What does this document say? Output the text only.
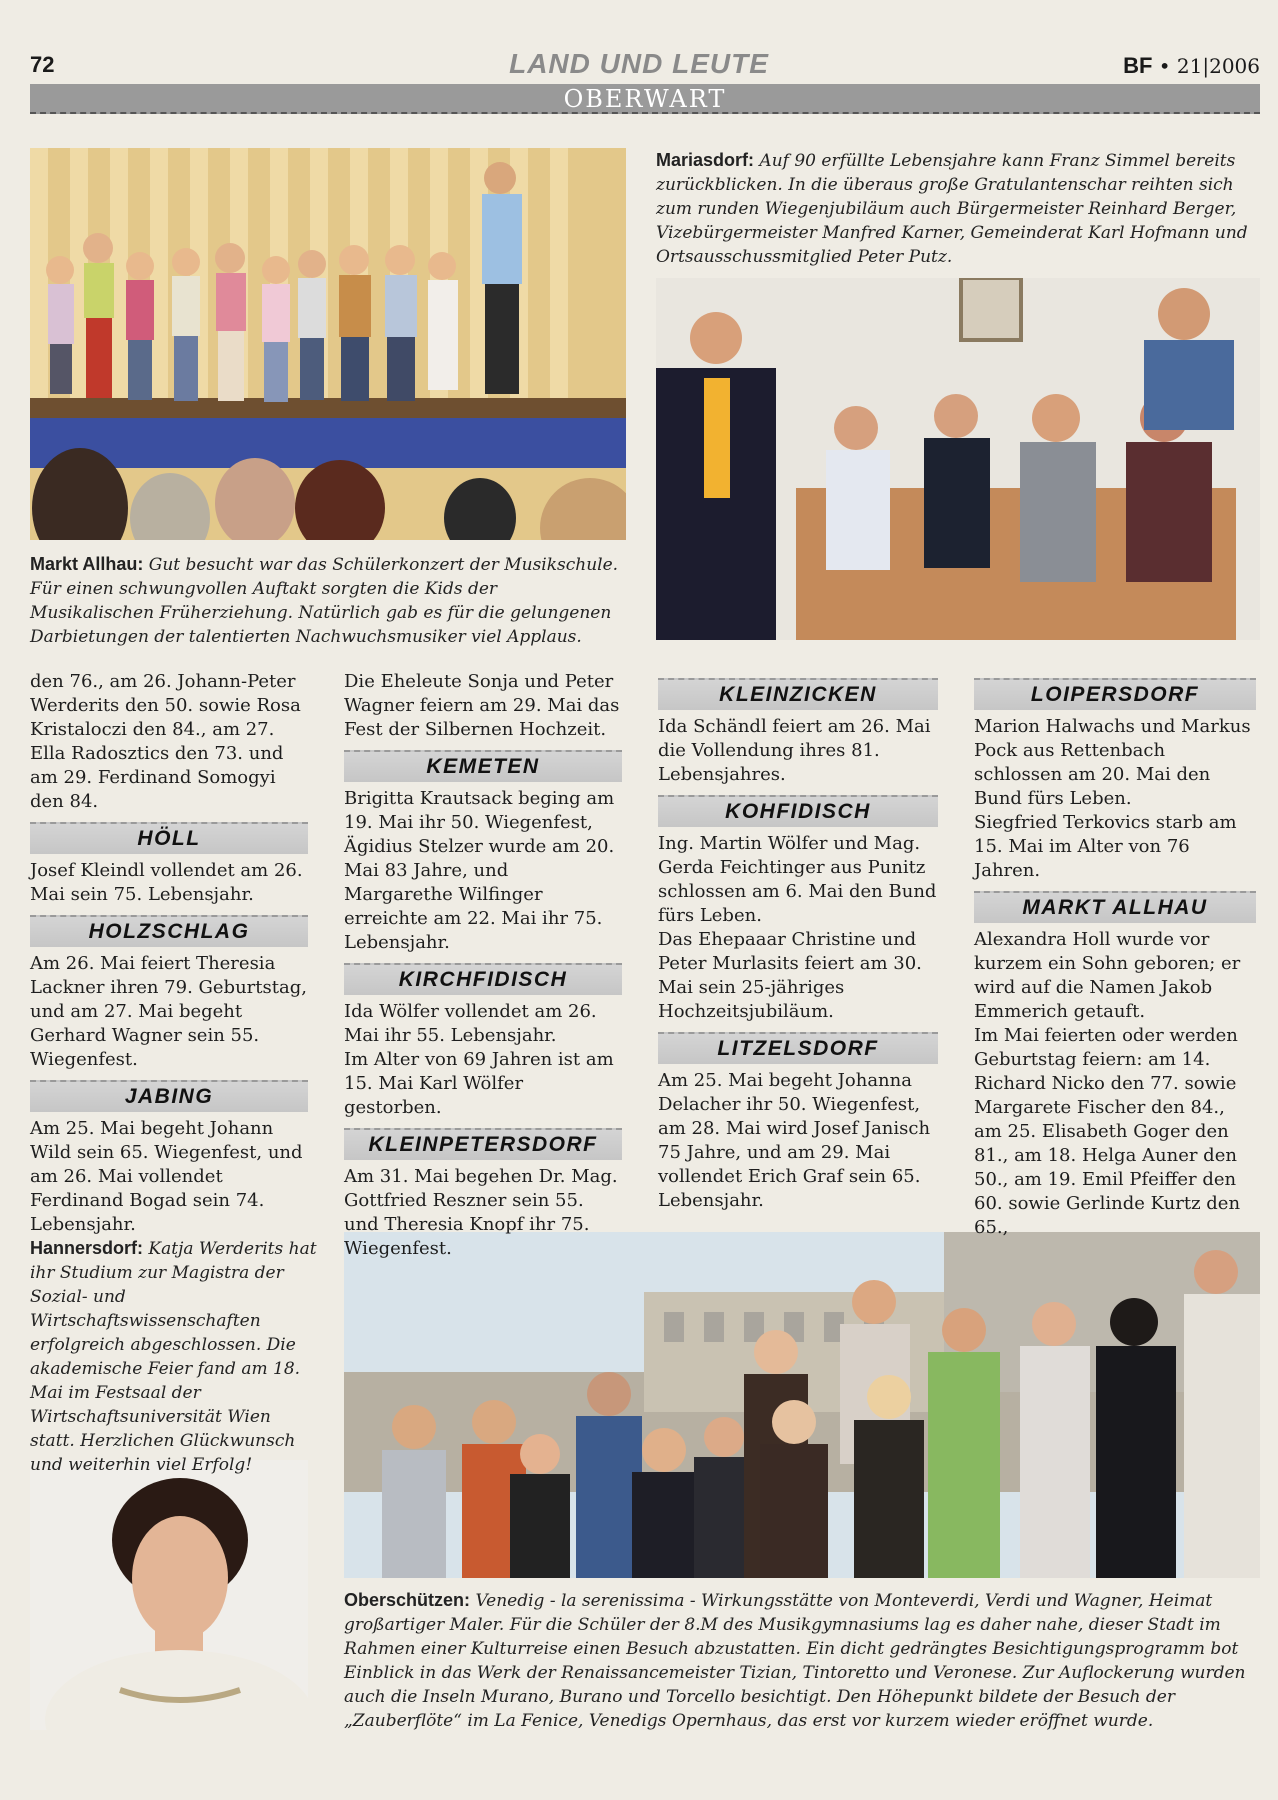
72	LAND UND LEUTE	BF • 21|2006
OBERWART
Markt Allhau: Gut besucht war das Schülerkonzert der Musikschule. Für einen schwungvollen Auftakt sorgten die Kids der Musikalischen Früherziehung. Natürlich gab es für die gelungenen Darbietungen der talentierten Nachwuchsmusiker viel Applaus.
Mariasdorf: Auf 90 erfüllte Lebensjahre kann Franz Simmel bereits zurückblicken. In die überaus große Gratulantenschar reihten sich zum runden Wiegenjubiläum auch Bürgermeister Reinhard Berger, Vizebürgermeister Manfred Karner, Gemeinderat Karl Hofmann und Ortsausschussmitglied Peter Putz.
Hannersdorf: Katja Werderits hat ihr Studium zur Magistra der Sozial- und Wirtschaftswissenschaften erfolgreich abgeschlossen. Die akademische Feier fand am 18. Mai im Festsaal der Wirtschaftsuniversität Wien statt. Herzlichen Glückwunsch und weiterhin viel Erfolg!
Oberschützen: Venedig - la serenissima - Wirkungsstätte von Monteverdi, Verdi und Wagner, Heimat großartiger Maler. Für die Schüler der 8.M des Musikgymnasiums lag es daher nahe, dieser Stadt im Rahmen einer Kulturreise einen Besuch abzustatten. Ein dicht gedrängtes Besichtigungsprogramm bot Einblick in das Werk der Renaissancemeister Tizian, Tintoretto und Veronese. Zur Auflockerung wurden auch die Inseln Murano, Burano und Torcello besichtigt. Den Höhepunkt bildete der Besuch der „Zauberflöte“ im La Fenice, Venedigs Opernhaus, das erst vor kurzem wieder eröffnet wurde.

den 76., am 26. Johann-Peter Werderits den 50. sowie Rosa Kristaloczi den 84., am 27. Ella Radosztics den 73. und am 29. Ferdinand Somogyi den 84.

HÖLL

Josef Kleindl vollendet am 26. Mai sein 75. Lebensjahr.

HOLZSCHLAG

Am 26. Mai feiert Theresia Lackner ihren 79. Geburtstag, und am 27. Mai begeht Gerhard Wagner sein 55. Wiegenfest.

JABING

Am 25. Mai begeht Johann Wild sein 65. Wiegenfest, und am 26. Mai vollendet Ferdinand Bogad sein 74. Lebensjahr.

Die Eheleute Sonja und Peter Wagner feiern am 29. Mai das Fest der Silbernen Hochzeit.

KEMETEN

Brigitta Krautsack beging am 19. Mai ihr 50. Wiegenfest, Ägidius Stelzer wurde am 20. Mai 83 Jahre, und Margarethe Wilfinger erreichte am 22. Mai ihr 75. Lebensjahr.

KIRCHFIDISCH

Ida Wölfer vollendet am 26. Mai ihr 55. Lebensjahr.

Im Alter von 69 Jahren ist am 15. Mai Karl Wölfer gestorben.

KLEINPETERSDORF

Am 31. Mai begehen Dr. Mag. Gottfried Reszner sein 55. und Theresia Knopf ihr 75. Wiegenfest.

KLEINZICKEN

Ida Schändl feiert am 26. Mai die Vollendung ihres 81. Lebensjahres.

KOHFIDISCH

Ing. Martin Wölfer und Mag. Gerda Feichtinger aus Punitz schlossen am 6. Mai den Bund fürs Leben.

Das Ehepaaar Christine und Peter Murlasits feiert am 30. Mai sein 25-jähriges Hochzeitsjubiläum.

LITZELSDORF

Am 25. Mai begeht Johanna Delacher ihr 50. Wiegenfest, am 28. Mai wird Josef Janisch 75 Jahre, und am 29. Mai vollendet Erich Graf sein 65. Lebensjahr.

LOIPERSDORF

Marion Halwachs und Markus Pock aus Rettenbach schlossen am 20. Mai den Bund fürs Leben.

Siegfried Terkovics starb am 15. Mai im Alter von 76 Jahren.

MARKT ALLHAU

Alexandra Holl wurde vor kurzem ein Sohn geboren; er wird auf die Namen Jakob Emmerich getauft.

Im Mai feierten oder werden Geburtstag feiern: am 14. Richard Nicko den 77. sowie Margarete Fischer den 84., am 25. Elisabeth Goger den 81., am 18. Helga Auner den 50., am 19. Emil Pfeiffer den 60. sowie Gerlinde Kurtz den 65.,
